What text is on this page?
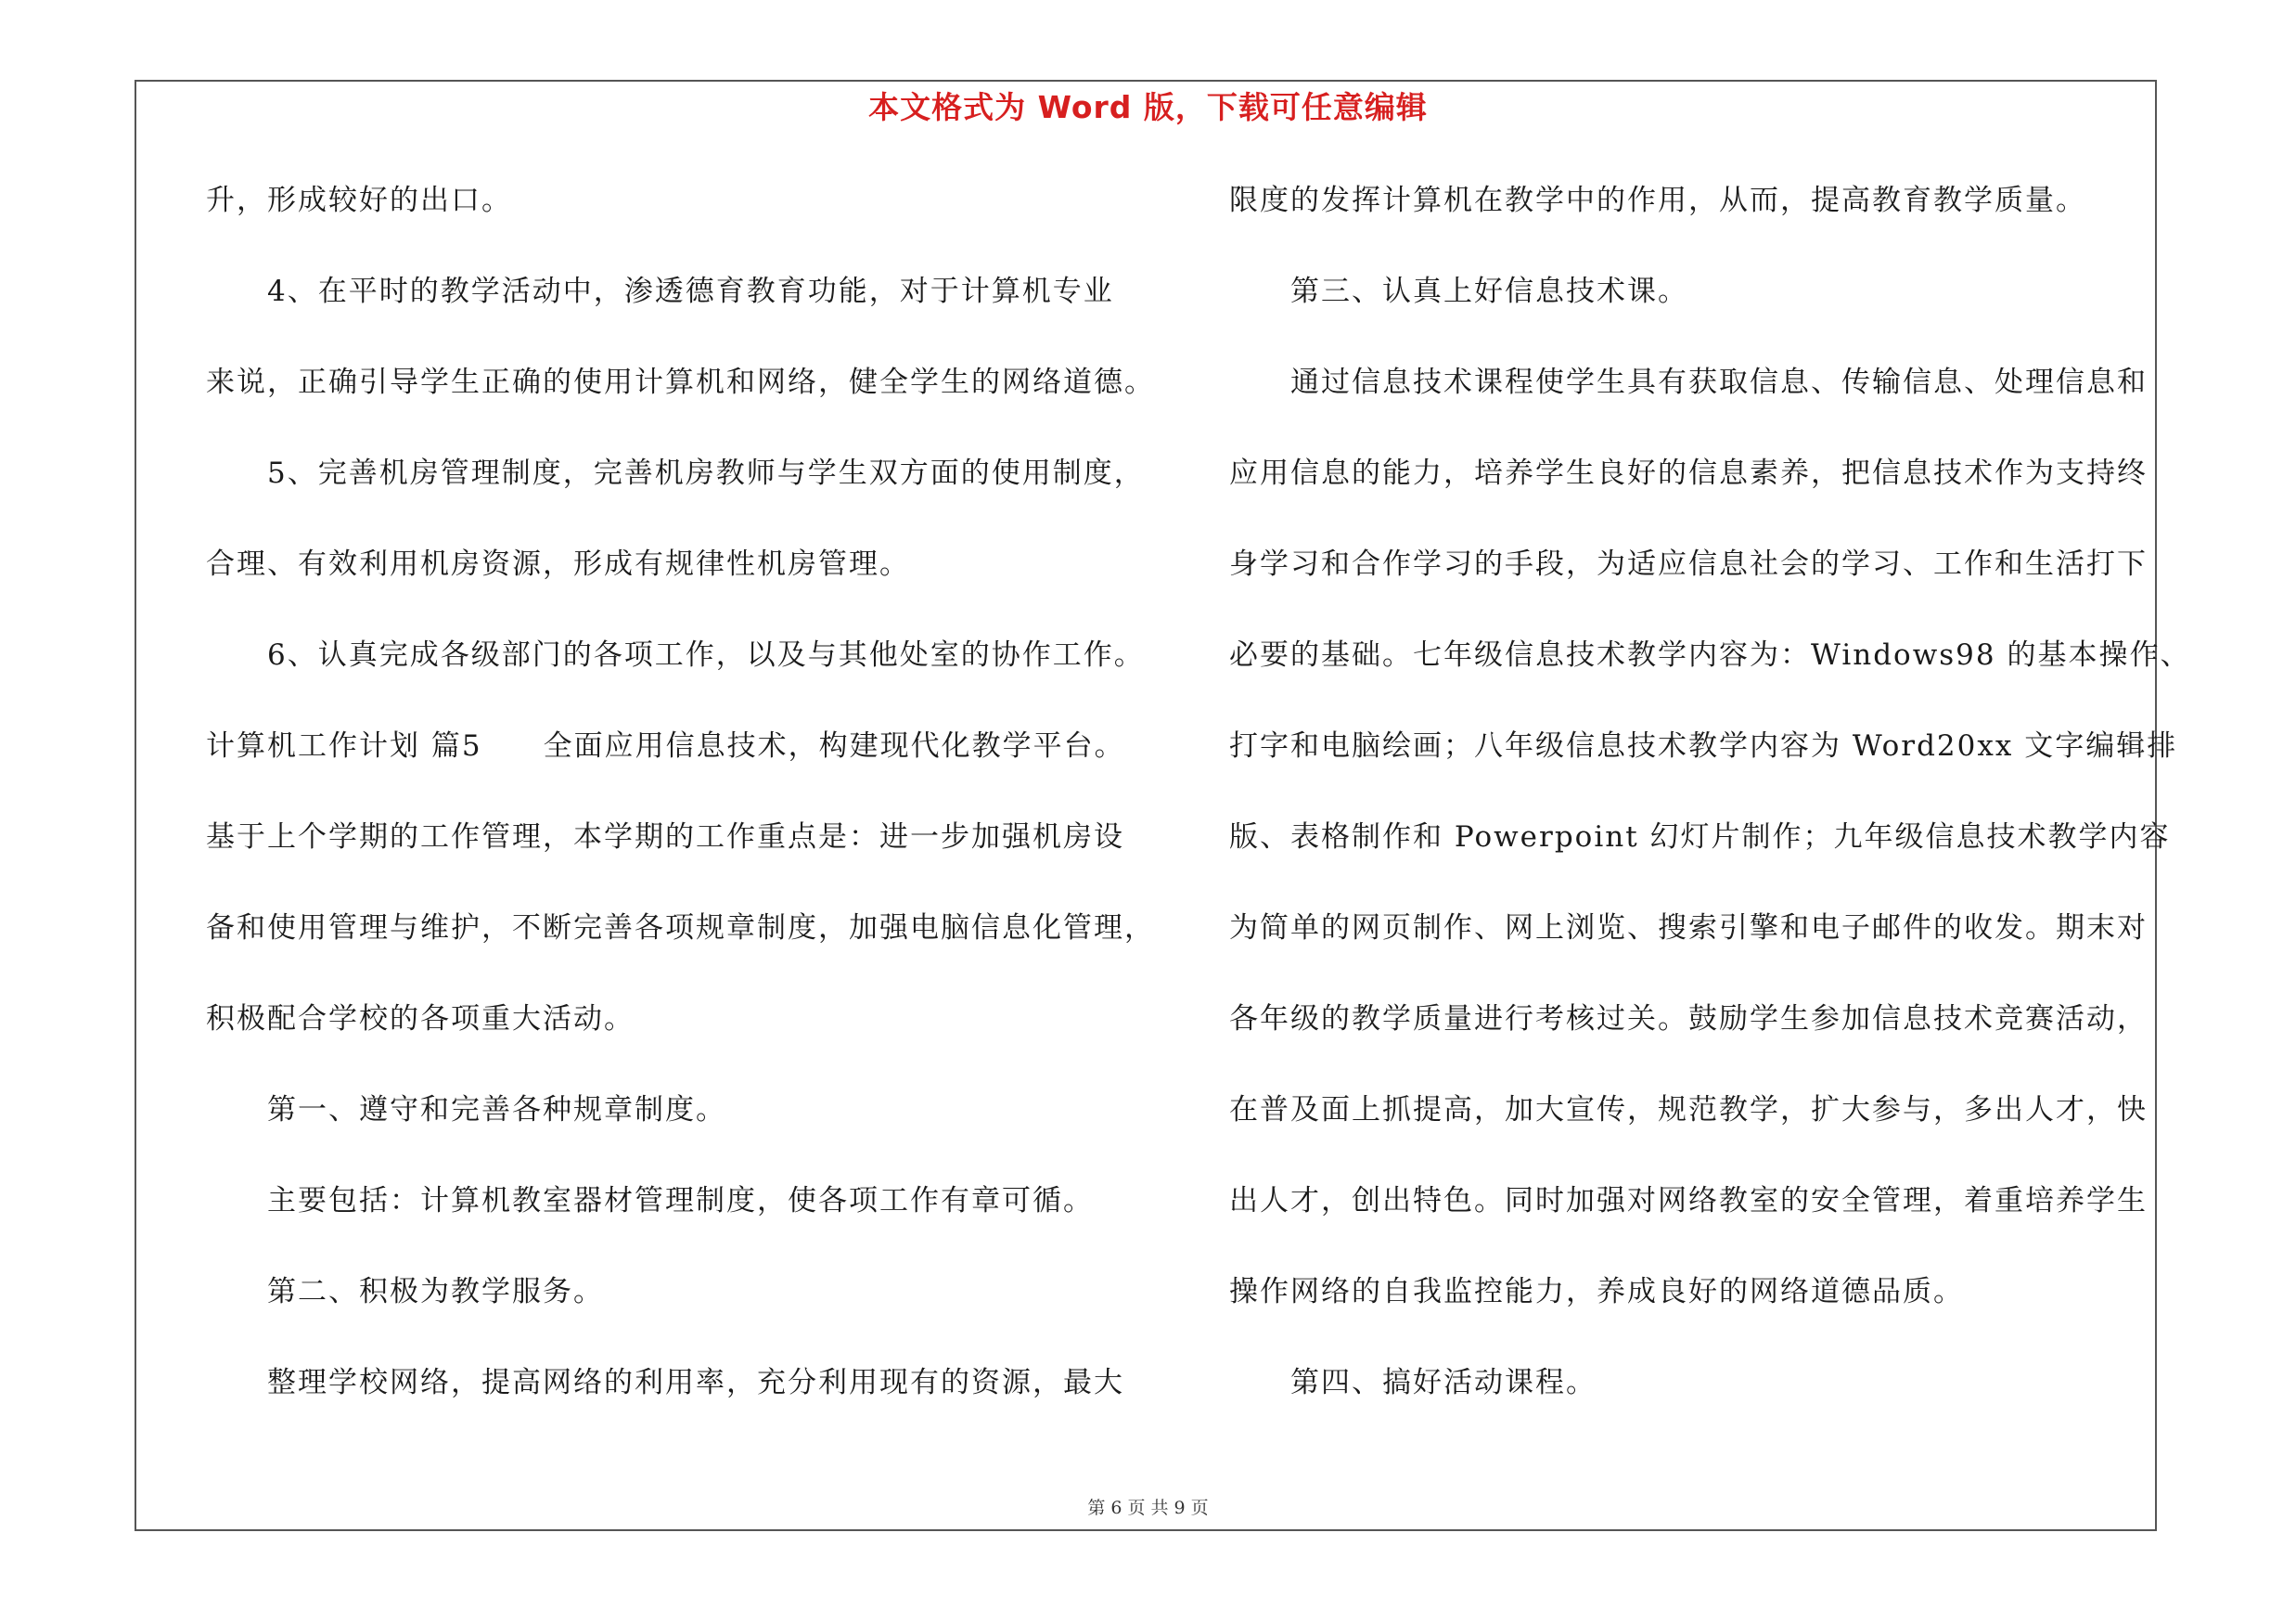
本文格式为 Word 版，下载可任意编辑
升，形成较好的出口。
4、在平时的教学活动中，渗透德育教育功能，对于计算机专业
来说，正确引导学生正确的使用计算机和网络，健全学生的网络道德。
5、完善机房管理制度，完善机房教师与学生双方面的使用制度，
合理、有效利用机房资源，形成有规律性机房管理。
6、认真完成各级部门的各项工作，以及与其他处室的协作工作。
计算机工作计划 篇5　　全面应用信息技术，构建现代化教学平台。
基于上个学期的工作管理，本学期的工作重点是：进一步加强机房设
备和使用管理与维护，不断完善各项规章制度，加强电脑信息化管理，
积极配合学校的各项重大活动。
第一、遵守和完善各种规章制度。
主要包括：计算机教室器材管理制度，使各项工作有章可循。
第二、积极为教学服务。
整理学校网络，提高网络的利用率，充分利用现有的资源，最大
限度的发挥计算机在教学中的作用，从而，提高教育教学质量。
第三、认真上好信息技术课。
通过信息技术课程使学生具有获取信息、传输信息、处理信息和
应用信息的能力，培养学生良好的信息素养，把信息技术作为支持终
身学习和合作学习的手段，为适应信息社会的学习、工作和生活打下
必要的基础。七年级信息技术教学内容为：Windows98 的基本操作、
打字和电脑绘画；八年级信息技术教学内容为 Word20xx 文字编辑排
版、表格制作和 Powerpoint 幻灯片制作；九年级信息技术教学内容
为简单的网页制作、网上浏览、搜索引擎和电子邮件的收发。期末对
各年级的教学质量进行考核过关。鼓励学生参加信息技术竞赛活动，
在普及面上抓提高，加大宣传，规范教学，扩大参与，多出人才，快
出人才，创出特色。同时加强对网络教室的安全管理，着重培养学生
操作网络的自我监控能力，养成良好的网络道德品质。
第四、搞好活动课程。
第 6 页 共 9 页
